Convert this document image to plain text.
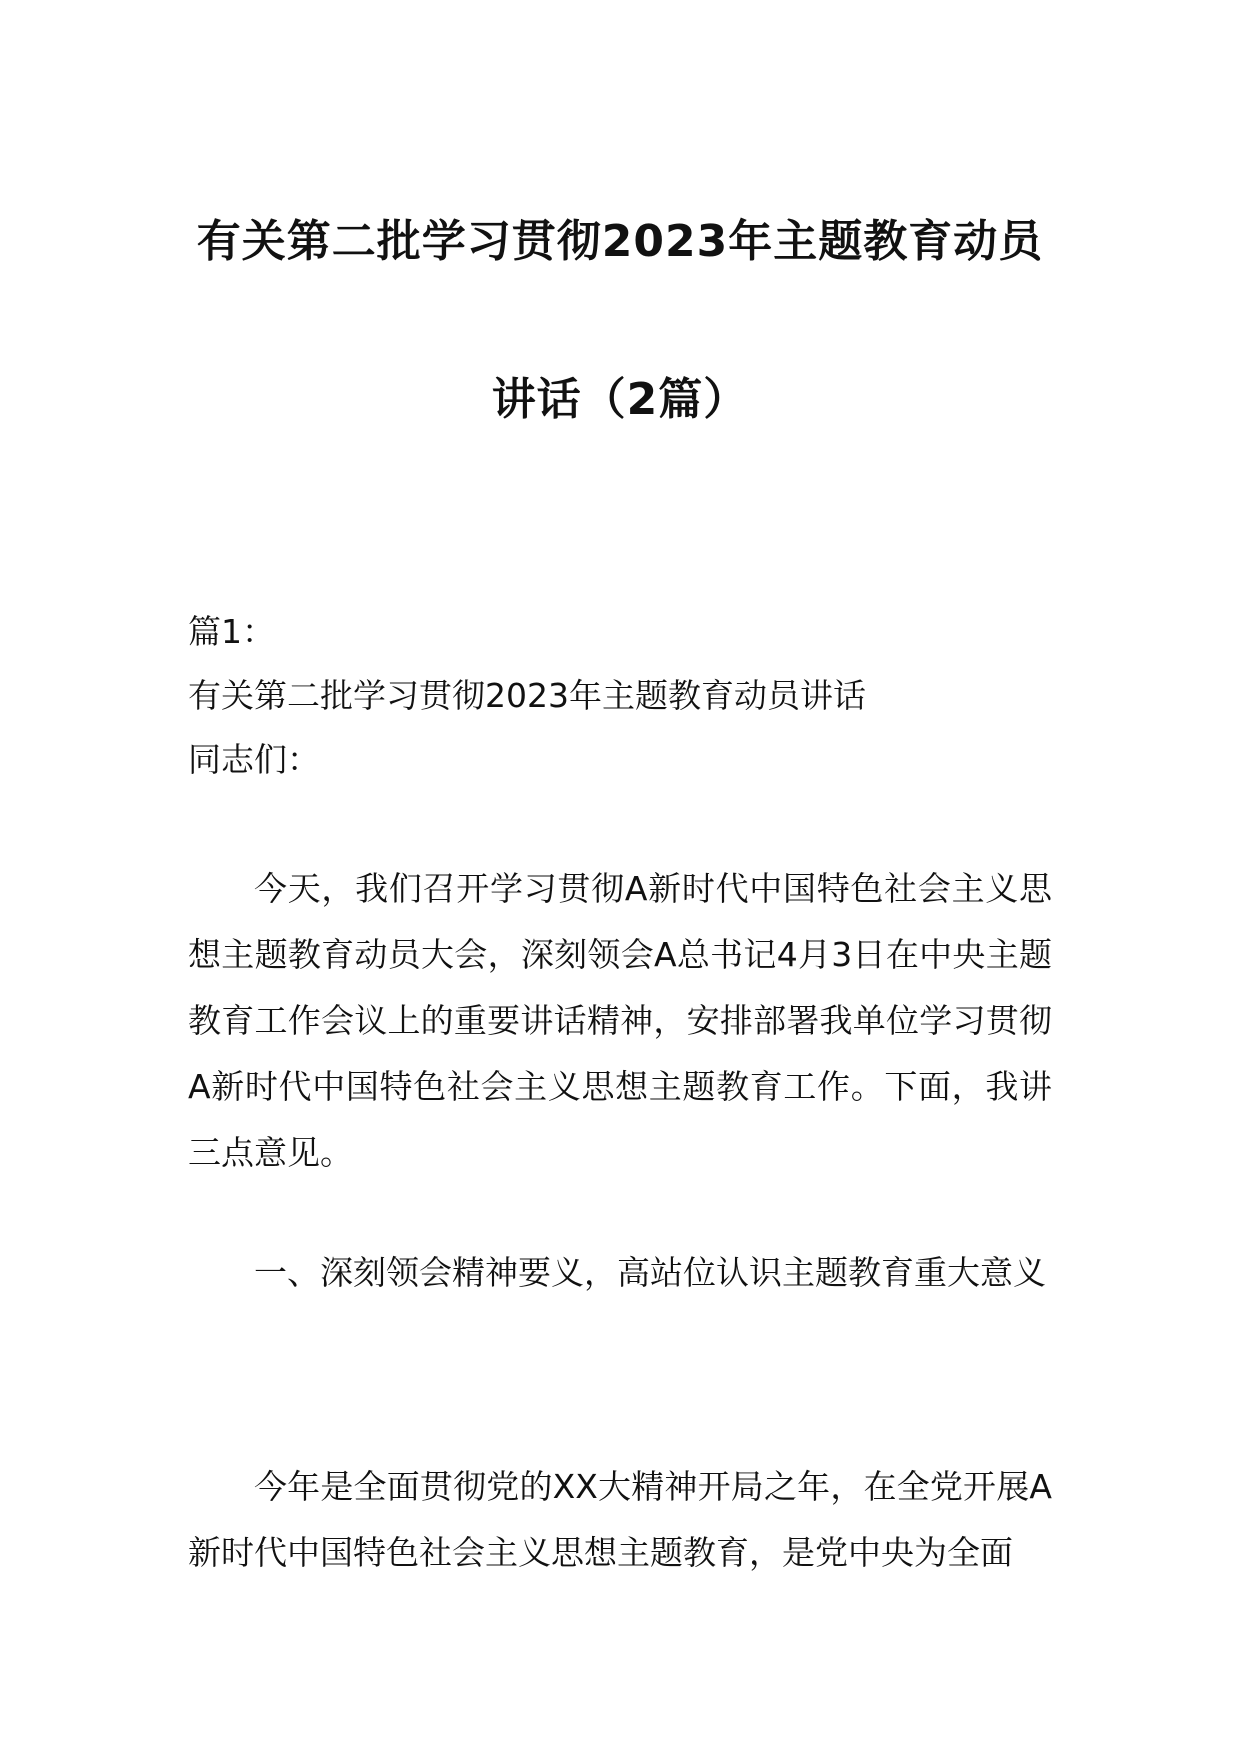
有关第二批学习贯彻2023年主题教育动员
讲话（2篇）
篇1：
有关第二批学习贯彻2023年主题教育动员讲话
同志们：
今天，我们召开学习贯彻A新时代中国特色社会主义思想主题教育动员大会，深刻领会A总书记4月3日在中央主题教育工作会议上的重要讲话精神，安排部署我单位学习贯彻A新时代中国特色社会主义思想主题教育工作。下面，我讲三点意见。
一、深刻领会精神要义，高站位认识主题教育重大意义
今年是全面贯彻党的XX大精神开局之年，在全党开展A新时代中国特色社会主义思想主题教育，是党中央为全面
